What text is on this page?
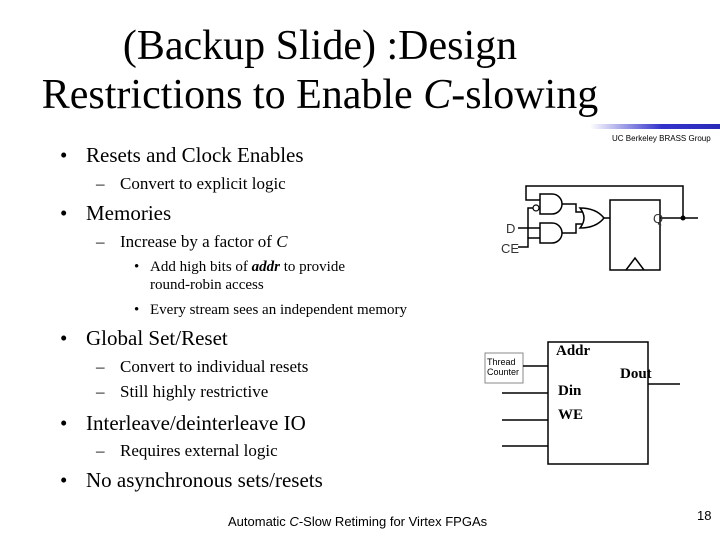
(Backup Slide) :Design
Restrictions to Enable C-slowing
UC Berkeley BRASS Group
• Resets and Clock Enables
– Convert to explicit logic
• Memories
– Increase by a factor of C
• Add high bits of addr to provide
round-robin access
• Every stream sees an independent memory
• Global Set/Reset
– Convert to individual resets
– Still highly restrictive
• Interleave/deinterleave IO
– Requires external logic
• No asynchronous sets/resets
D
CE
Q
Thread
Counter
Addr
Din
WE
Dout
Automatic C-Slow Retiming for Virtex FPGAs	18
